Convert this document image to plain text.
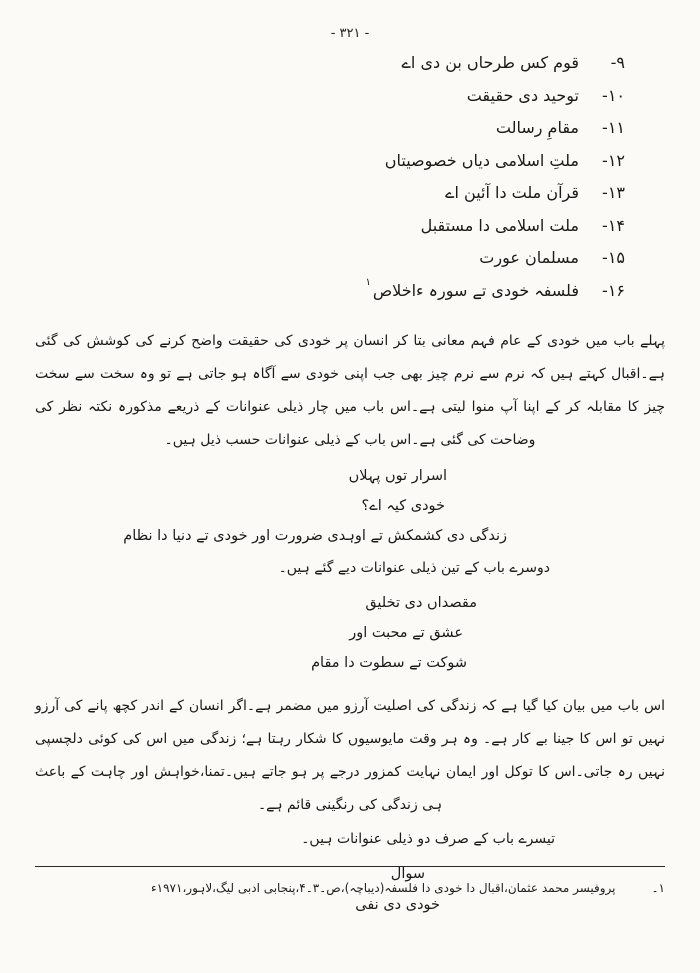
- ۳۲۱ -
۹-
قوم کس طرحاں بن دی اے
۱۰-
توحید دی حقیقت
۱۱-
مقامِ رسالت
۱۲-
ملتِ اسلامی دیاں خصوصیتاں
۱۳-
قرآن ملت دا آئین اے
۱۴-
ملت اسلامی دا مستقبل
۱۵-
مسلمان عورت
۱۶-
فلسفہ خودی تے سورہ ءاخلاص$^۱$

پہلے باب میں خودی کے عام فہم معانی بتا کر انسان پر خودی کی حقیقت واضح کرنے کی کوشش کی گئی ہے۔اقبال کہتے ہیں کہ نرم سے نرم چیز بھی جب اپنی خودی سے آگاہ ہو جاتی ہے تو وہ سخت سے سخت چیز کا مقابلہ کر کے اپنا آپ منوا لیتی ہے۔اس باب میں چار ذیلی عنوانات کے ذریعے مذکورہ نکتہ نظر کی وضاحت کی گئی ہے۔اس باب کے ذیلی عنوانات حسب ذیل ہیں۔

اسرار توں پہلاں
خودی کیہ اے؟
زندگی دی کشمکش تے اوہدی ضرورت اور خودی تے دنیا دا نظام
دوسرے باب کے تین ذیلی عنوانات دیے گئے ہیں۔
مقصداں دی تخلیق
عشق تے محبت اور
شوکت تے سطوت دا مقام

اس باب میں بیان کیا گیا ہے کہ زندگی کی اصلیت آرزو میں مضمر ہے۔اگر انسان کے اندر کچھ پانے کی آرزو نہیں تو اس کا جینا بے کار ہے۔ وہ ہر وقت مایوسیوں کا شکار رہتا ہے؛ زندگی میں اس کی کوئی دلچسپی نہیں رہ جاتی۔اس کا توکل اور ایمان نہایت کمزور درجے پر ہو جاتے ہیں۔تمنا،خواہش اور چاہت کے باعث ہی زندگی کی رنگینی قائم ہے۔

تیسرے باب کے صرف دو ذیلی عنوانات ہیں۔
سوال
خودی دی نفی
۱۔
پروفیسر محمد عثمان،اقبال دا خودی دا فلسفہ(دیباچہ)،ص۔۳۔۴،پنجابی ادبی لیگ،لاہور،۱۹۷۱ء
